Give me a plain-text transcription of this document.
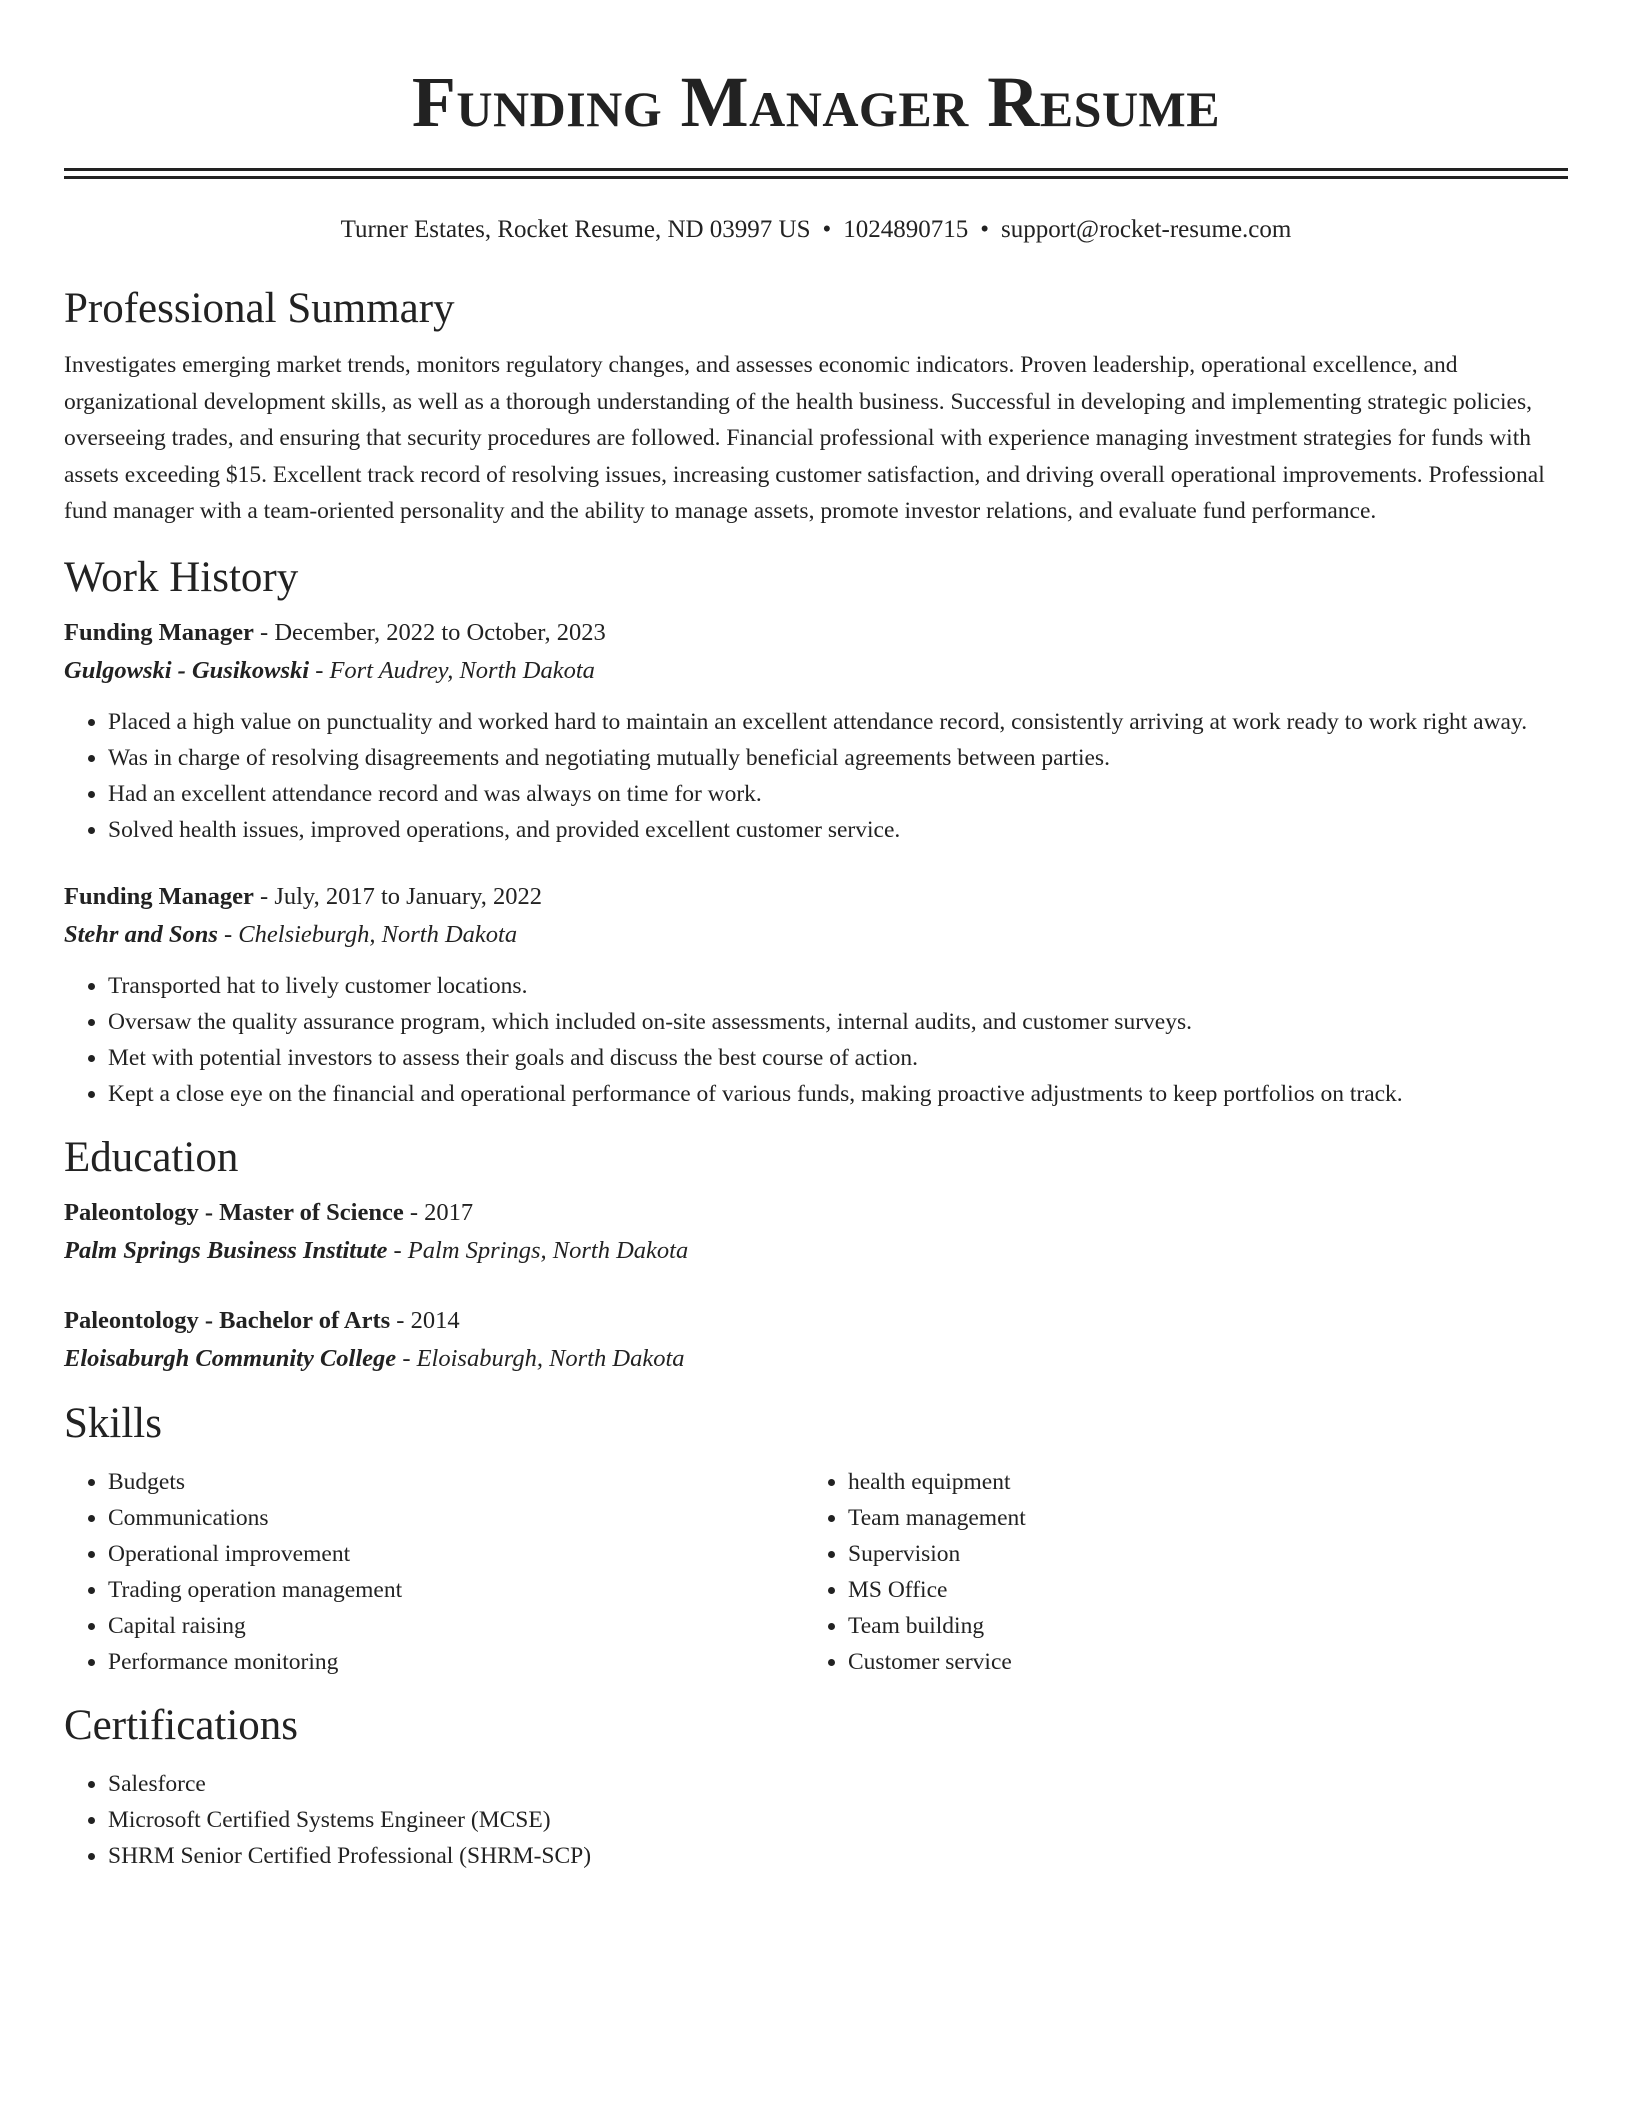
Funding Manager Resume
Turner Estates, Rocket Resume, ND 03997 US • 1024890715 • support@rocket-resume.com
Professional Summary

Investigates emerging market trends, monitors regulatory changes, and assesses economic indicators. Proven leadership, operational excellence, and organizational development skills, as well as a thorough understanding of the health business. Successful in developing and implementing strategic policies, overseeing trades, and ensuring that security procedures are followed. Financial professional with experience managing investment strategies for funds with assets exceeding $15. Excellent track record of resolving issues, increasing customer satisfaction, and driving overall operational improvements. Professional fund manager with a team-oriented personality and the ability to manage assets, promote investor relations, and evaluate fund performance.

Work History
Funding Manager - December, 2022 to October, 2023
Gulgowski - Gusikowski - Fort Audrey, North Dakota
• Placed a high value on punctuality and worked hard to maintain an excellent attendance record, consistently arriving at work ready to work right away.
• Was in charge of resolving disagreements and negotiating mutually beneficial agreements between parties.
• Had an excellent attendance record and was always on time for work.
• Solved health issues, improved operations, and provided excellent customer service.
Funding Manager - July, 2017 to January, 2022
Stehr and Sons - Chelsieburgh, North Dakota
• Transported hat to lively customer locations.
• Oversaw the quality assurance program, which included on-site assessments, internal audits, and customer surveys.
• Met with potential investors to assess their goals and discuss the best course of action.
• Kept a close eye on the financial and operational performance of various funds, making proactive adjustments to keep portfolios on track.
Education
Paleontology - Master of Science - 2017
Palm Springs Business Institute - Palm Springs, North Dakota
Paleontology - Bachelor of Arts - 2014
Eloisaburgh Community College - Eloisaburgh, North Dakota
Skills
• Budgets
• Communications
• Operational improvement
• Trading operation management
• Capital raising
• Performance monitoring
• health equipment
• Team management
• Supervision
• MS Office
• Team building
• Customer service
Certifications
• Salesforce
• Microsoft Certified Systems Engineer (MCSE)
• SHRM Senior Certified Professional (SHRM-SCP)
